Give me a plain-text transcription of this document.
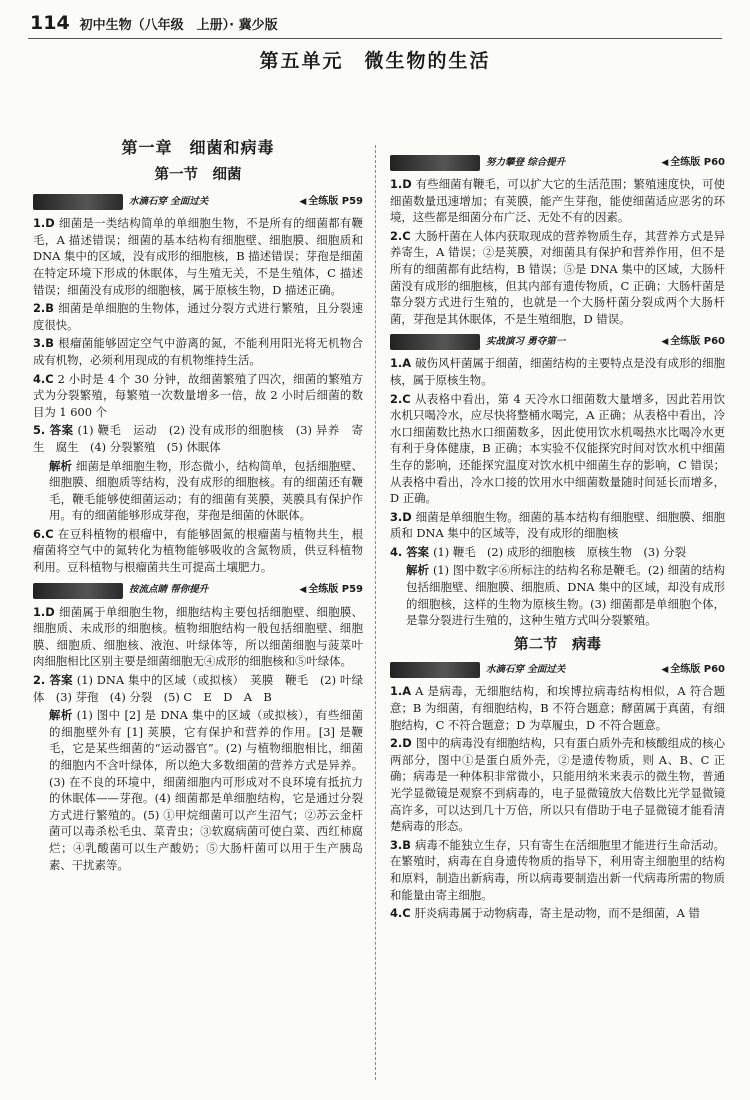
114 初中生物（八年级　上册）· 冀少版
第五单元　微生物的生活
第一章　细菌和病毒
第一节　细菌
水滴石穿 全面过关	◀ 全练版 P59
1.D 细菌是一类结构简单的单细胞生物，不是所有的细菌都有鞭毛，A 描述错误；细菌的基本结构有细胞壁、细胞膜、细胞质和 DNA 集中的区域，没有成形的细胞核，B 描述错误；芽孢是细菌在特定环境下形成的休眠体，与生殖无关，不是生殖体，C 描述错误；细菌没有成形的细胞核，属于原核生物，D 描述正确。
2.B 细菌是单细胞的生物体，通过分裂方式进行繁殖，且分裂速度很快。
3.B 根瘤菌能够固定空气中游离的氮，不能利用阳光将无机物合成有机物，必须利用现成的有机物维持生活。
4.C 2 小时是 4 个 30 分钟，故细菌繁殖了四次，细菌的繁殖方式为分裂繁殖，每繁殖一次数量增多一倍，故 2 小时后细菌的数目为 1 600 个
5. 答案 (1) 鞭毛　运动　(2) 没有成形的细胞核　(3) 异养　寄生　腐生　(4) 分裂繁殖　(5) 休眠体
解析 细菌是单细胞生物，形态微小，结构简单，包括细胞壁、细胞膜、细胞质等结构，没有成形的细胞核。有的细菌还有鞭毛，鞭毛能够使细菌运动；有的细菌有荚膜，荚膜具有保护作用。有的细菌能够形成芽孢，芽孢是细菌的休眠体。
6.C 在豆科植物的根瘤中，有能够固氮的根瘤菌与植物共生，根瘤菌将空气中的氮转化为植物能够吸收的含氮物质，供豆科植物利用。豆科植物与根瘤菌共生可提高土壤肥力。
按流点睛 帮你提升	◀ 全练版 P59
1.D 细菌属于单细胞生物，细胞结构主要包括细胞壁、细胞膜、细胞质、未成形的细胞核。植物细胞结构一般包括细胞壁、细胞膜、细胞质、细胞核、液泡、叶绿体等，所以细菌细胞与菠菜叶肉细胞相比区别主要是细菌细胞无④成形的细胞核和⑤叶绿体。
2. 答案 (1) DNA 集中的区域（或拟核）　荚膜　鞭毛　(2) 叶绿体　(3) 芽孢　(4) 分裂　(5) C　E　D　A　B
解析 (1) 图中 [2] 是 DNA 集中的区域（或拟核），有些细菌的细胞壁外有 [1] 荚膜，它有保护和营养的作用。[3] 是鞭毛，它是某些细菌的“运动器官”。(2) 与植物细胞相比，细菌的细胞内不含叶绿体，所以绝大多数细菌的营养方式是异养。(3) 在不良的环境中，细菌细胞内可形成对不良环境有抵抗力的休眠体——芽孢。(4) 细菌都是单细胞结构，它是通过分裂方式进行繁殖的。(5) ①甲烷细菌可以产生沼气；②苏云金杆菌可以毒杀松毛虫、菜青虫；③软腐病菌可使白菜、西红柿腐烂；④乳酸菌可以生产酸奶；⑤大肠杆菌可以用于生产胰岛素、干扰素等。
努力攀登 综合提升	◀ 全练版 P60
1.D 有些细菌有鞭毛，可以扩大它的生活范围；繁殖速度快，可使细菌数量迅速增加；有荚膜，能产生芽孢，能使细菌适应恶劣的环境，这些都是细菌分布广泛、无处不有的因素。
2.C 大肠杆菌在人体内获取现成的营养物质生存，其营养方式是异养寄生，A 错误；②是荚膜，对细菌具有保护和营养作用，但不是所有的细菌都有此结构，B 错误；⑤是 DNA 集中的区域，大肠杆菌没有成形的细胞核，但其内部有遗传物质，C 正确；大肠杆菌是靠分裂方式进行生殖的，也就是一个大肠杆菌分裂成两个大肠杆菌，芽孢是其休眠体，不是生殖细胞，D 错误。
实战演习 勇夺第一	◀ 全练版 P60
1.A 破伤风杆菌属于细菌，细菌结构的主要特点是没有成形的细胞核，属于原核生物。
2.C 从表格中看出，第 4 天冷水口细菌数大量增多，因此若用饮水机只喝冷水，应尽快将整桶水喝完，A 正确；从表格中看出，冷水口细菌数比热水口细菌数多，因此使用饮水机喝热水比喝冷水更有利于身体健康，B 正确；本实验不仅能探究时间对饮水机中细菌生存的影响，还能探究温度对饮水机中细菌生存的影响，C 错误；从表格中看出，冷水口接的饮用水中细菌数量随时间延长而增多，D 正确。
3.D 细菌是单细胞生物。细菌的基本结构有细胞壁、细胞膜、细胞质和 DNA 集中的区域等，没有成形的细胞核
4. 答案 (1) 鞭毛　(2) 成形的细胞核　原核生物　(3) 分裂
解析 (1) 图中数字⑥所标注的结构名称是鞭毛。(2) 细菌的结构包括细胞壁、细胞膜、细胞质、DNA 集中的区域，却没有成形的细胞核，这样的生物为原核生物。(3) 细菌都是单细胞个体，是靠分裂进行生殖的，这种生殖方式叫分裂繁殖。
第二节　病毒
水滴石穿 全面过关	◀ 全练版 P60
1.A A 是病毒，无细胞结构，和埃博拉病毒结构相似，A 符合题意；B 为细菌，有细胞结构，B 不符合题意；酵菌属于真菌，有细胞结构，C 不符合题意；D 为草履虫，D 不符合题意。
2.D 图中的病毒没有细胞结构，只有蛋白质外壳和核酸组成的核心两部分，图中①是蛋白质外壳，②是遗传物质，则 A、B、C 正确；病毒是一种体积非常微小，只能用纳米来表示的微生物，普通光学显微镜是观察不到病毒的，电子显微镜放大倍数比光学显微镜高许多，可以达到几十万倍，所以只有借助于电子显微镜才能看清楚病毒的形态。
3.B 病毒不能独立生存，只有寄生在活细胞里才能进行生命活动。在繁殖时，病毒在自身遗传物质的指导下，利用寄主细胞里的结构和原料，制造出新病毒，所以病毒要制造出新一代病毒所需的物质和能量由寄主细胞。
4.C 肝炎病毒属于动物病毒，寄主是动物，而不是细菌，A 错
